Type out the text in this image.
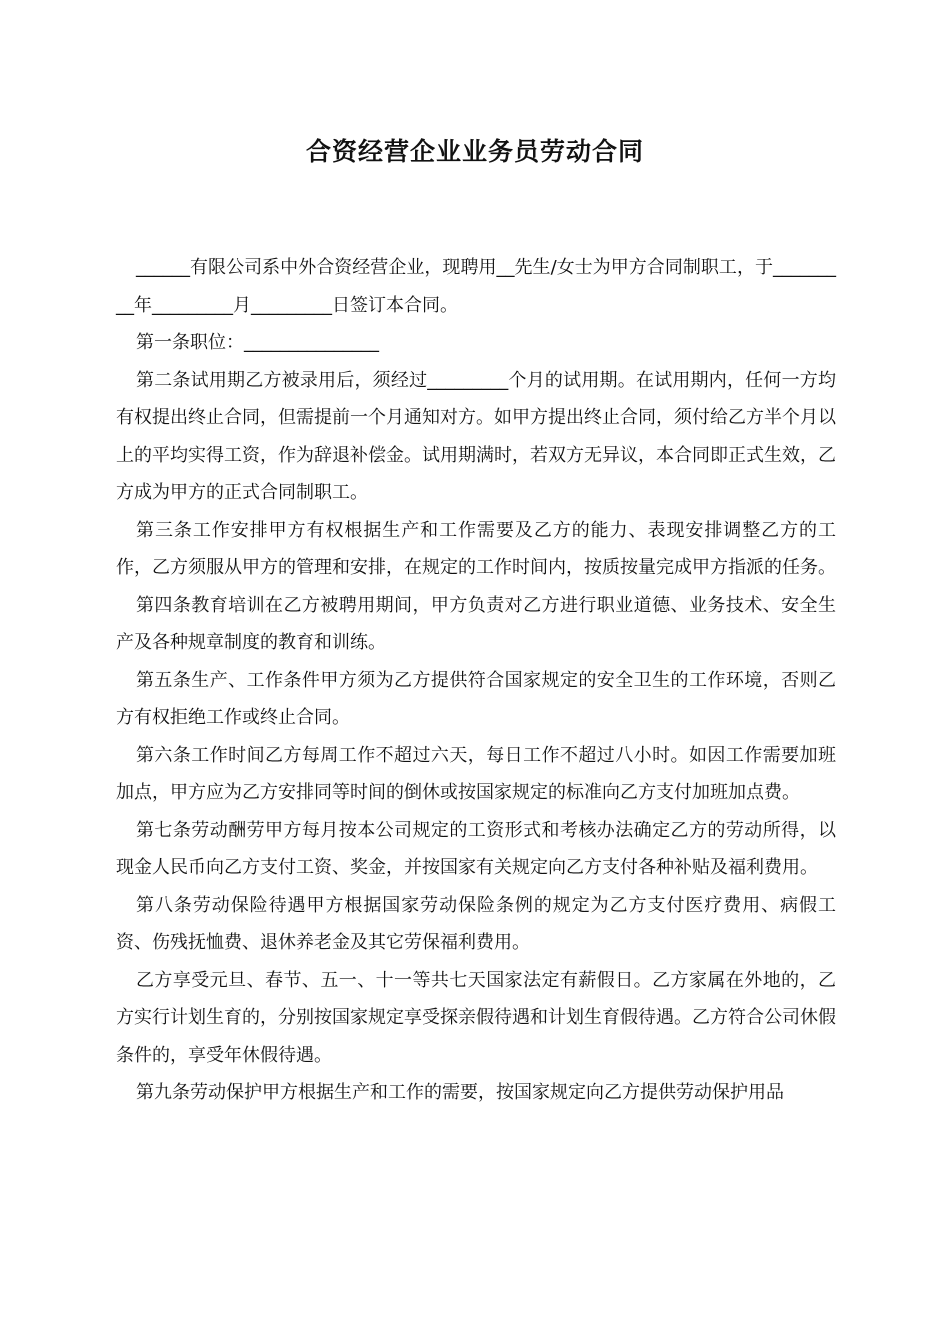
合资经营企业业务员劳动合同

______有限公司系中外合资经营企业，现聘用__先生/女士为甲方合同制职工，于_________年_________月_________日签订本合同。

第一条职位：_______________

第二条试用期乙方被录用后，须经过_________个月的试用期。在试用期内，任何一方均有权提出终止合同，但需提前一个月通知对方。如甲方提出终止合同，须付给乙方半个月以上的平均实得工资，作为辞退补偿金。试用期满时，若双方无异议，本合同即正式生效，乙方成为甲方的正式合同制职工。

第三条工作安排甲方有权根据生产和工作需要及乙方的能力、表现安排调整乙方的工作，乙方须服从甲方的管理和安排，在规定的工作时间内，按质按量完成甲方指派的任务。

第四条教育培训在乙方被聘用期间，甲方负责对乙方进行职业道德、业务技术、安全生产及各种规章制度的教育和训练。

第五条生产、工作条件甲方须为乙方提供符合国家规定的安全卫生的工作环境，否则乙方有权拒绝工作或终止合同。

第六条工作时间乙方每周工作不超过六天，每日工作不超过八小时。如因工作需要加班加点，甲方应为乙方安排同等时间的倒休或按国家规定的标准向乙方支付加班加点费。

第七条劳动酬劳甲方每月按本公司规定的工资形式和考核办法确定乙方的劳动所得，以现金人民币向乙方支付工资、奖金，并按国家有关规定向乙方支付各种补贴及福利费用。

第八条劳动保险待遇甲方根据国家劳动保险条例的规定为乙方支付医疗费用、病假工资、伤残抚恤费、退休养老金及其它劳保福利费用。

乙方享受元旦、春节、五一、十一等共七天国家法定有薪假日。乙方家属在外地的，乙方实行计划生育的，分别按国家规定享受探亲假待遇和计划生育假待遇。乙方符合公司休假条件的，享受年休假待遇。

第九条劳动保护甲方根据生产和工作的需要，按国家规定向乙方提供劳动保护用品
